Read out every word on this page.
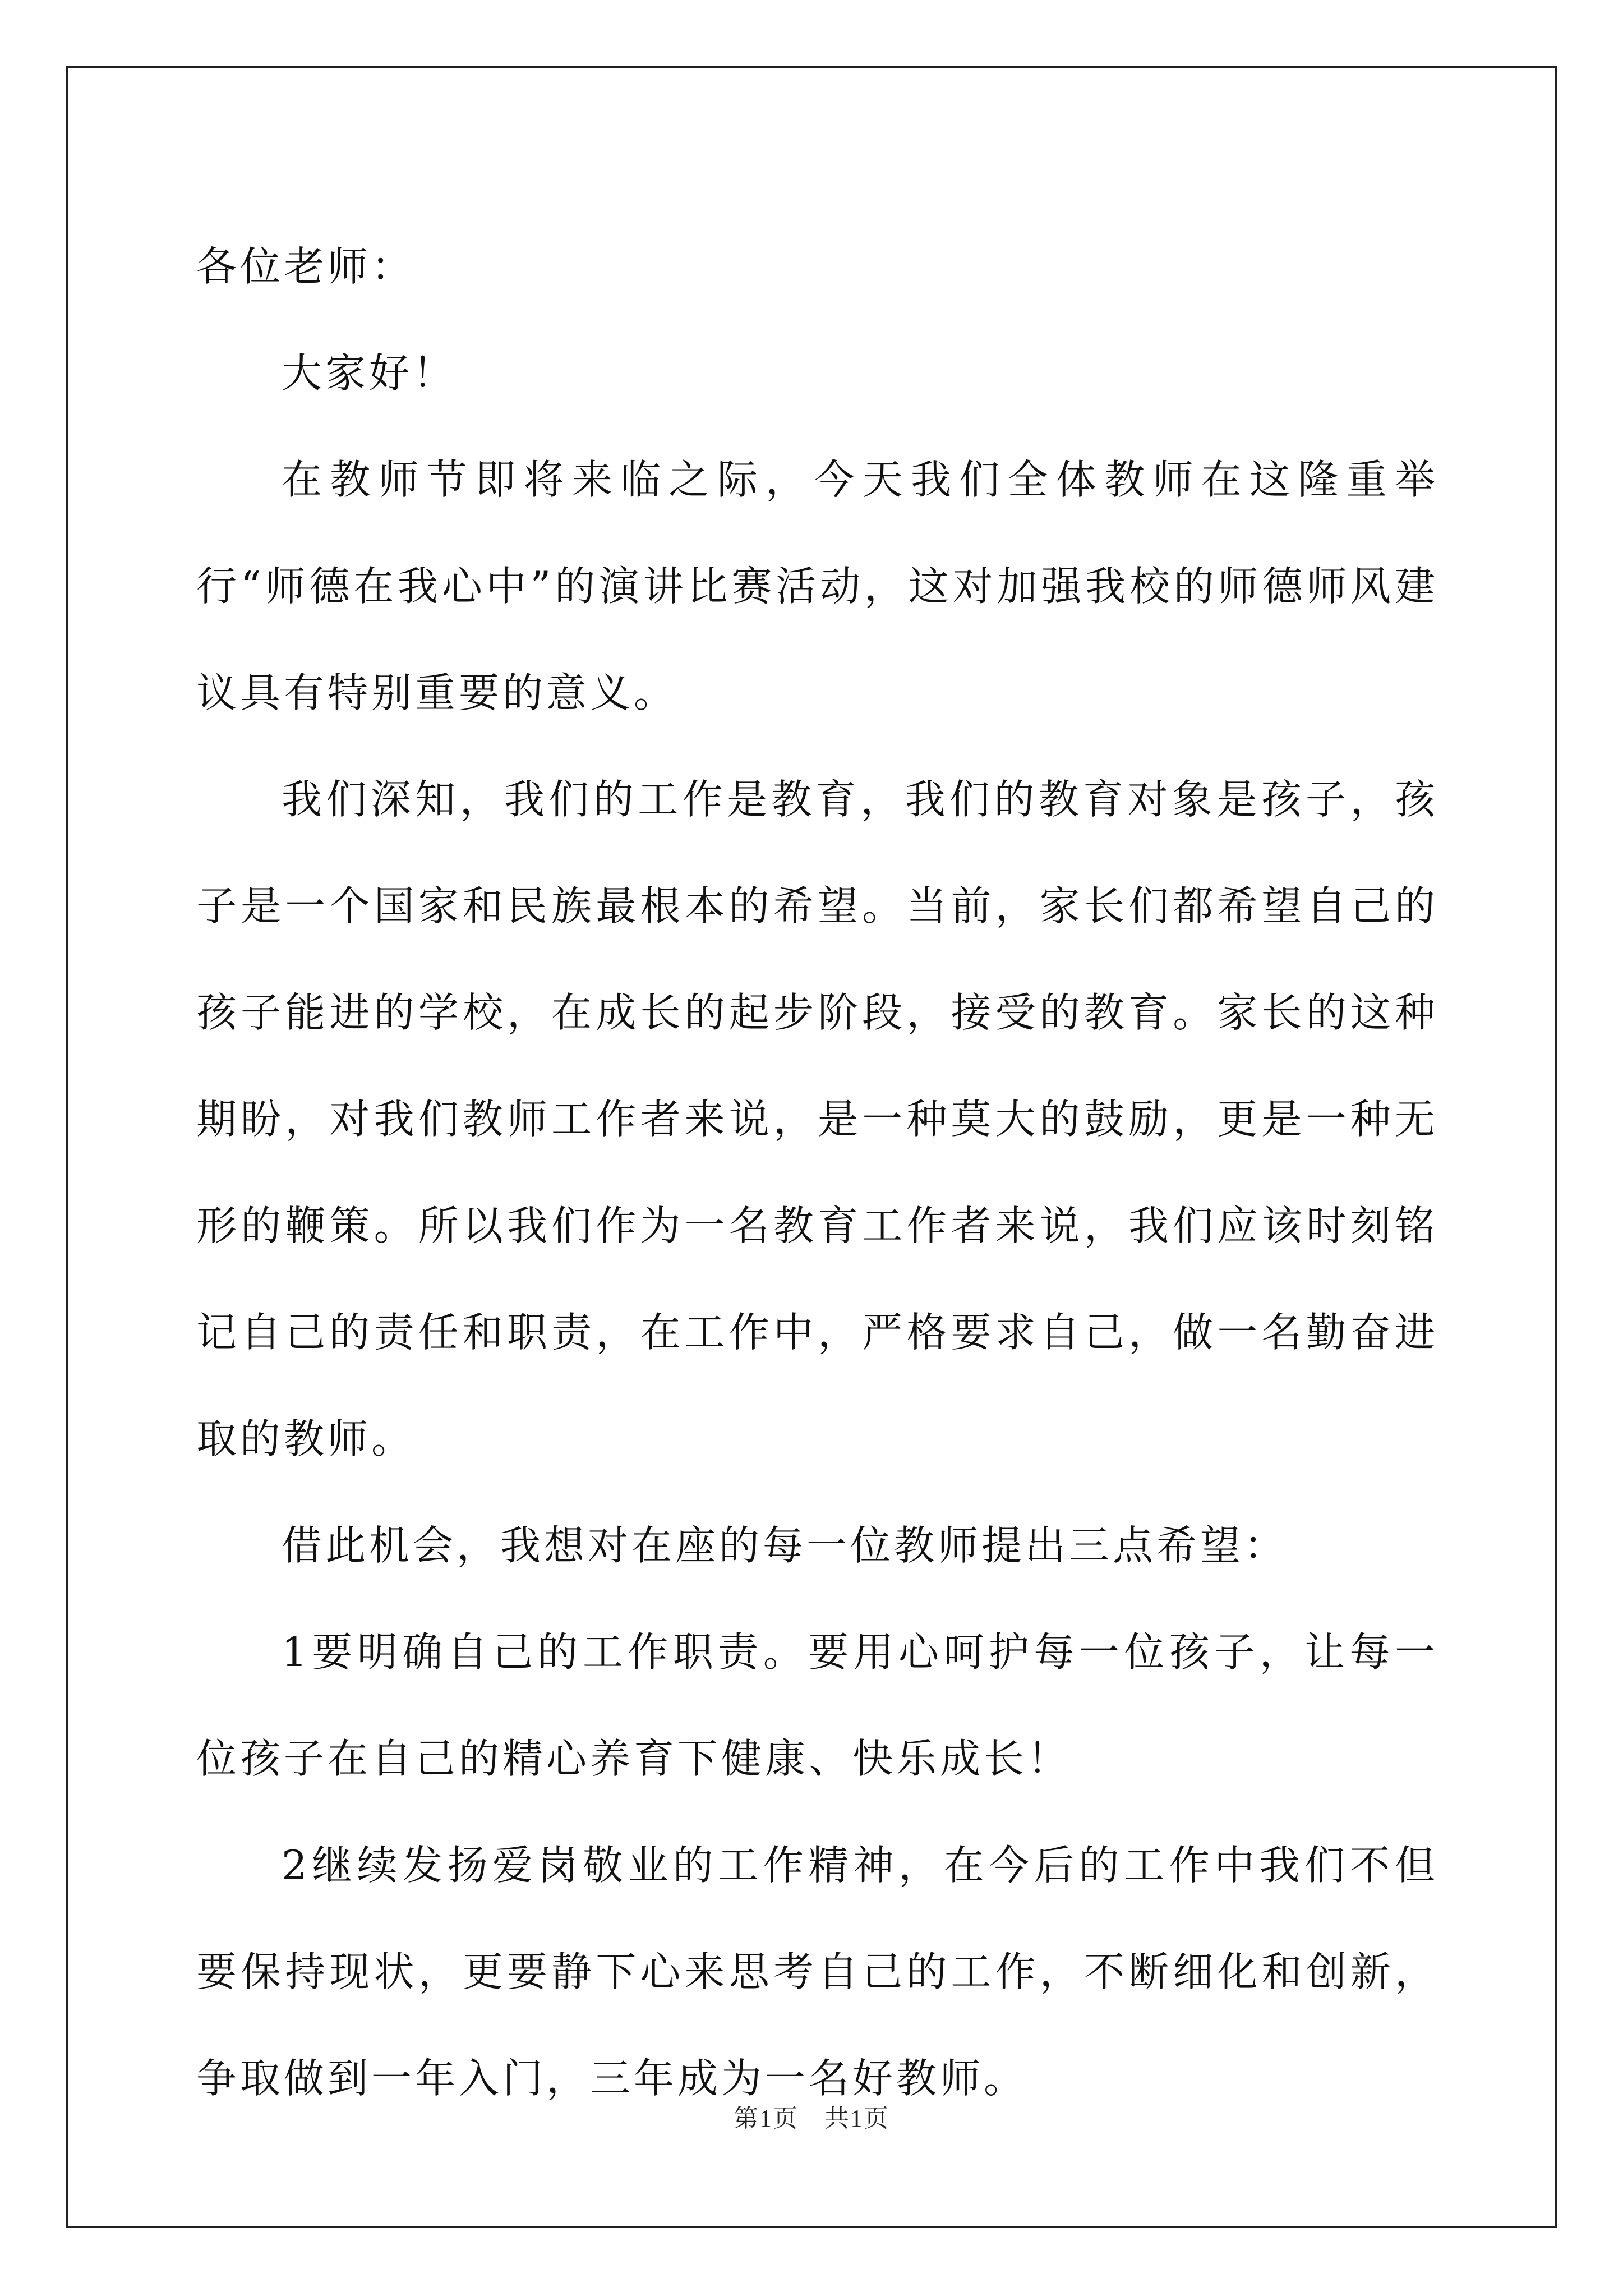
各位老师：

大家好！

在教师节即将来临之际，今天我们全体教师在这隆重举行“师德在我心中”的演讲比赛活动，这对加强我校的师德师风建议具有特别重要的意义。

我们深知，我们的工作是教育，我们的教育对象是孩子，孩子是一个国家和民族最根本的希望。当前，家长们都希望自己的孩子能进的学校，在成长的起步阶段，接受的教育。家长的这种期盼，对我们教师工作者来说，是一种莫大的鼓励，更是一种无形的鞭策。所以我们作为一名教育工作者来说，我们应该时刻铭记自己的责任和职责，在工作中，严格要求自己，做一名勤奋进取的教师。

借此机会，我想对在座的每一位教师提出三点希望：

1要明确自己的工作职责。要用心呵护每一位孩子，让每一位孩子在自己的精心养育下健康、快乐成长！

2继续发扬爱岗敬业的工作精神，在今后的工作中我们不但要保持现状，更要静下心来思考自己的工作，不断细化和创新，争取做到一年入门，三年成为一名好教师。

第1页　共1页
